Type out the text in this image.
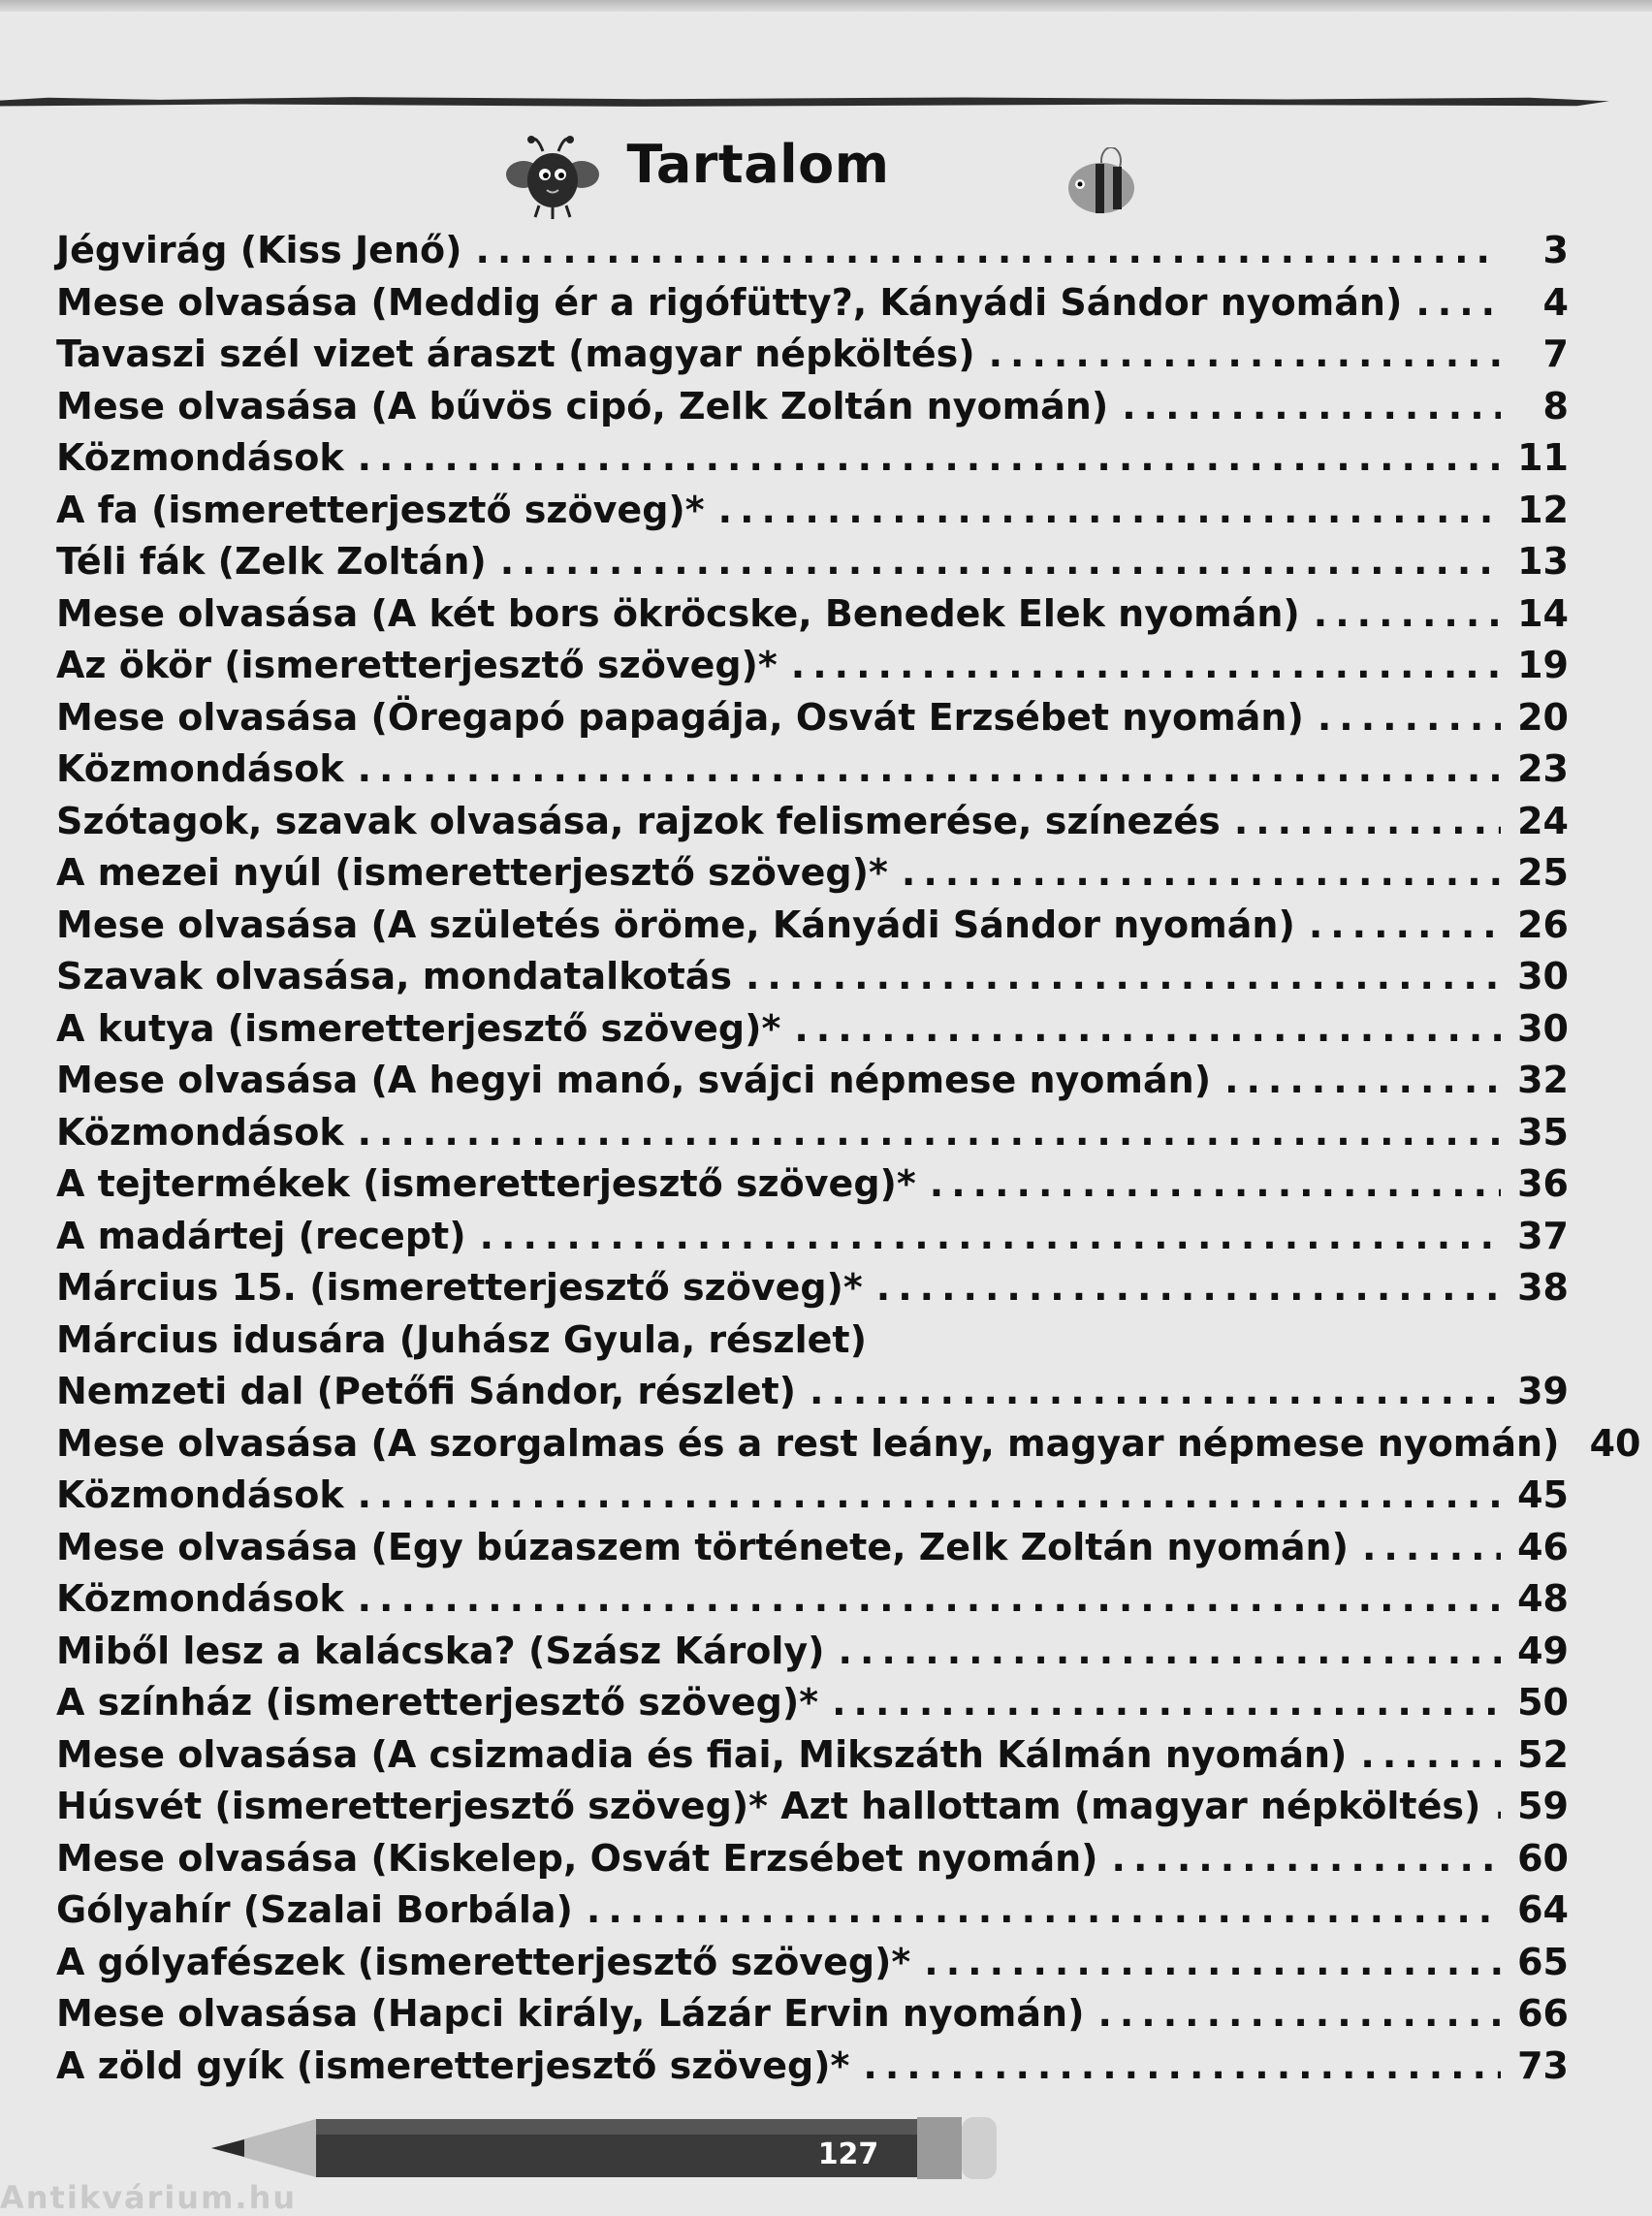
Tartalom
Jégvirág (Kiss Jenő) .....	3
Mese olvasása (Meddig ér a rigófütty?, Kányádi Sándor nyomán) .....	4
Tavaszi szél vizet áraszt (magyar népköltés) .....	7
Mese olvasása (A bűvös cipó, Zelk Zoltán nyomán) .....	8
Közmondások .....	11
A fa (ismeretterjesztő szöveg)* .....	12
Téli fák (Zelk Zoltán) .....	13
Mese olvasása (A két bors ökröcske, Benedek Elek nyomán) .....	14
Az ökör (ismeretterjesztő szöveg)* .....	19
Mese olvasása (Öregapó papagája, Osvát Erzsébet nyomán) .....	20
Közmondások .....	23
Szótagok, szavak olvasása, rajzok felismerése, színezés .....	24
A mezei nyúl (ismeretterjesztő szöveg)* .....	25
Mese olvasása (A születés öröme, Kányádi Sándor nyomán) .....	26
Szavak olvasása, mondatalkotás .....	30
A kutya (ismeretterjesztő szöveg)* .....	30
Mese olvasása (A hegyi manó, svájci népmese nyomán) .....	32
Közmondások .....	35
A tejtermékek (ismeretterjesztő szöveg)* .....	36
A madártej (recept) .....	37
Március 15. (ismeretterjesztő szöveg)* .....	38
Március idusára (Juhász Gyula, részlet)
Nemzeti dal (Petőfi Sándor, részlet) .....	39
Mese olvasása (A szorgalmas és a rest leány, magyar népmese nyomán) 40
Közmondások .....	45
Mese olvasása (Egy búzaszem története, Zelk Zoltán nyomán) .....	46
Közmondások .....	48
Miből lesz a kalácska? (Szász Károly) .....	49
A színház (ismeretterjesztő szöveg)* .....	50
Mese olvasása (A csizmadia és fiai, Mikszáth Kálmán nyomán) .....	52
Húsvét (ismeretterjesztő szöveg)* Azt hallottam (magyar népköltés) ..... 59
Mese olvasása (Kiskelep, Osvát Erzsébet nyomán) .....	60
Gólyahír (Szalai Borbála) .....	64
A gólyafészek (ismeretterjesztő szöveg)* .....	65
Mese olvasása (Hapci király, Lázár Ervin nyomán) .....	66
A zöld gyík (ismeretterjesztő szöveg)* .....	73
127
Antikvárium.hu
